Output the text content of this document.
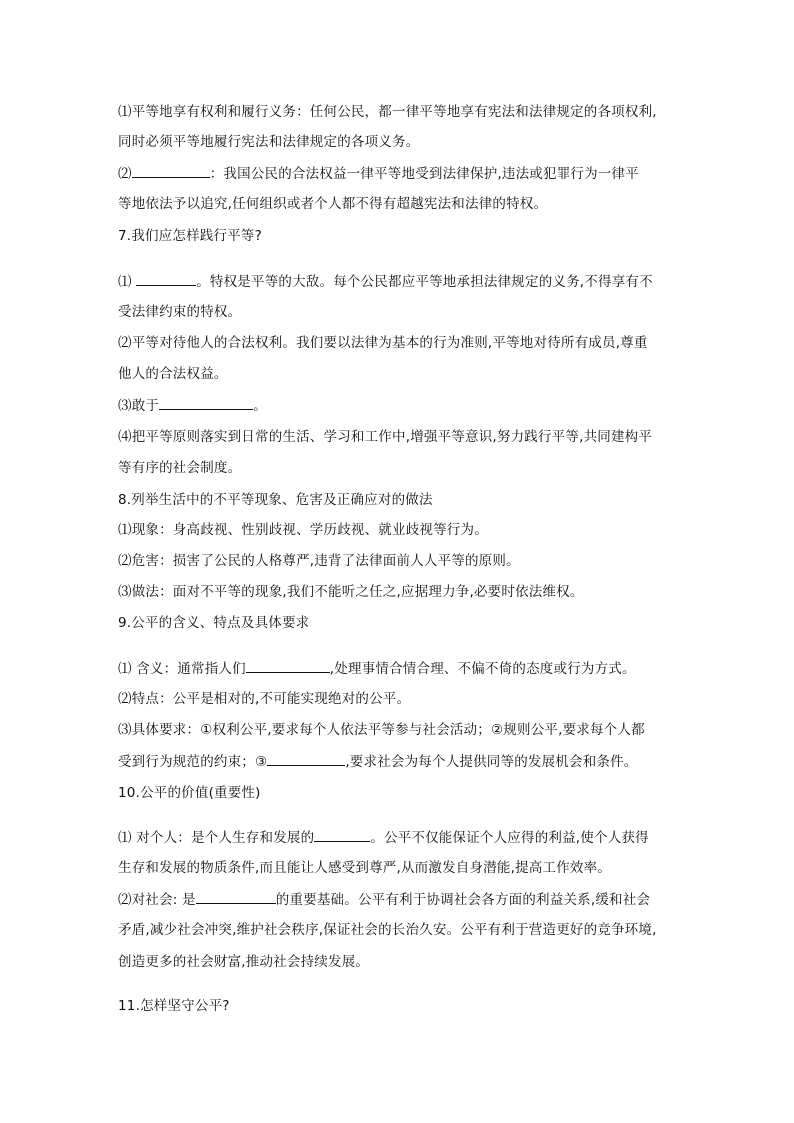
⑴平等地享有权利和履行义务：任何公民，都一律平等地享有宪法和法律规定的各项权利,
同时必须平等地履行宪法和法律规定的各项义务。
⑵	：我国公民的合法权益一律平等地受到法律保护,违法或犯罪行为一律平
等地依法予以追究,任何组织或者个人都不得有超越宪法和法律的特权。
7.我们应怎样践行平等?
⑴	。特权是平等的大敌。每个公民都应平等地承担法律规定的义务,不得享有不
受法律约束的特权。
⑵平等对待他人的合法权利。我们要以法律为基本的行为准则,平等地对待所有成员,尊重
他人的合法权益。
⑶敢于	。
⑷把平等原则落实到日常的生活、学习和工作中,增强平等意识,努力践行平等,共同建构平
等有序的社会制度。
8.列举生活中的不平等现象、危害及正确应对的做法
⑴现象：身高歧视、性别歧视、学历歧视、就业歧视等行为。
⑵危害：损害了公民的人格尊严,违背了法律面前人人平等的原则。
⑶做法：面对不平等的现象,我们不能听之任之,应据理力争,必要时依法维权。
9.公平的含义、特点及具体要求
⑴ 含义：通常指人们	,处理事情合情合理、不偏不倚的态度或行为方式。
⑵特点：公平是相对的,不可能实现绝对的公平。
⑶具体要求：①权利公平,要求每个人依法平等参与社会活动；②规则公平,要求每个人都
受到行为规范的约束；③	,要求社会为每个人提供同等的发展机会和条件。
10.公平的价值(重要性)
⑴ 对个人：是个人生存和发展的	。公平不仅能保证个人应得的利益,使个人获得
生存和发展的物质条件,而且能让人感受到尊严,从而激发自身潜能,提高工作效率。
⑵对社会: 是	的重要基础。公平有利于协调社会各方面的利益关系,缓和社会
矛盾,减少社会冲突,维护社会秩序,保证社会的长治久安。公平有利于营造更好的竞争环境,
创造更多的社会财富,推动社会持续发展。
11.怎样坚守公平?
